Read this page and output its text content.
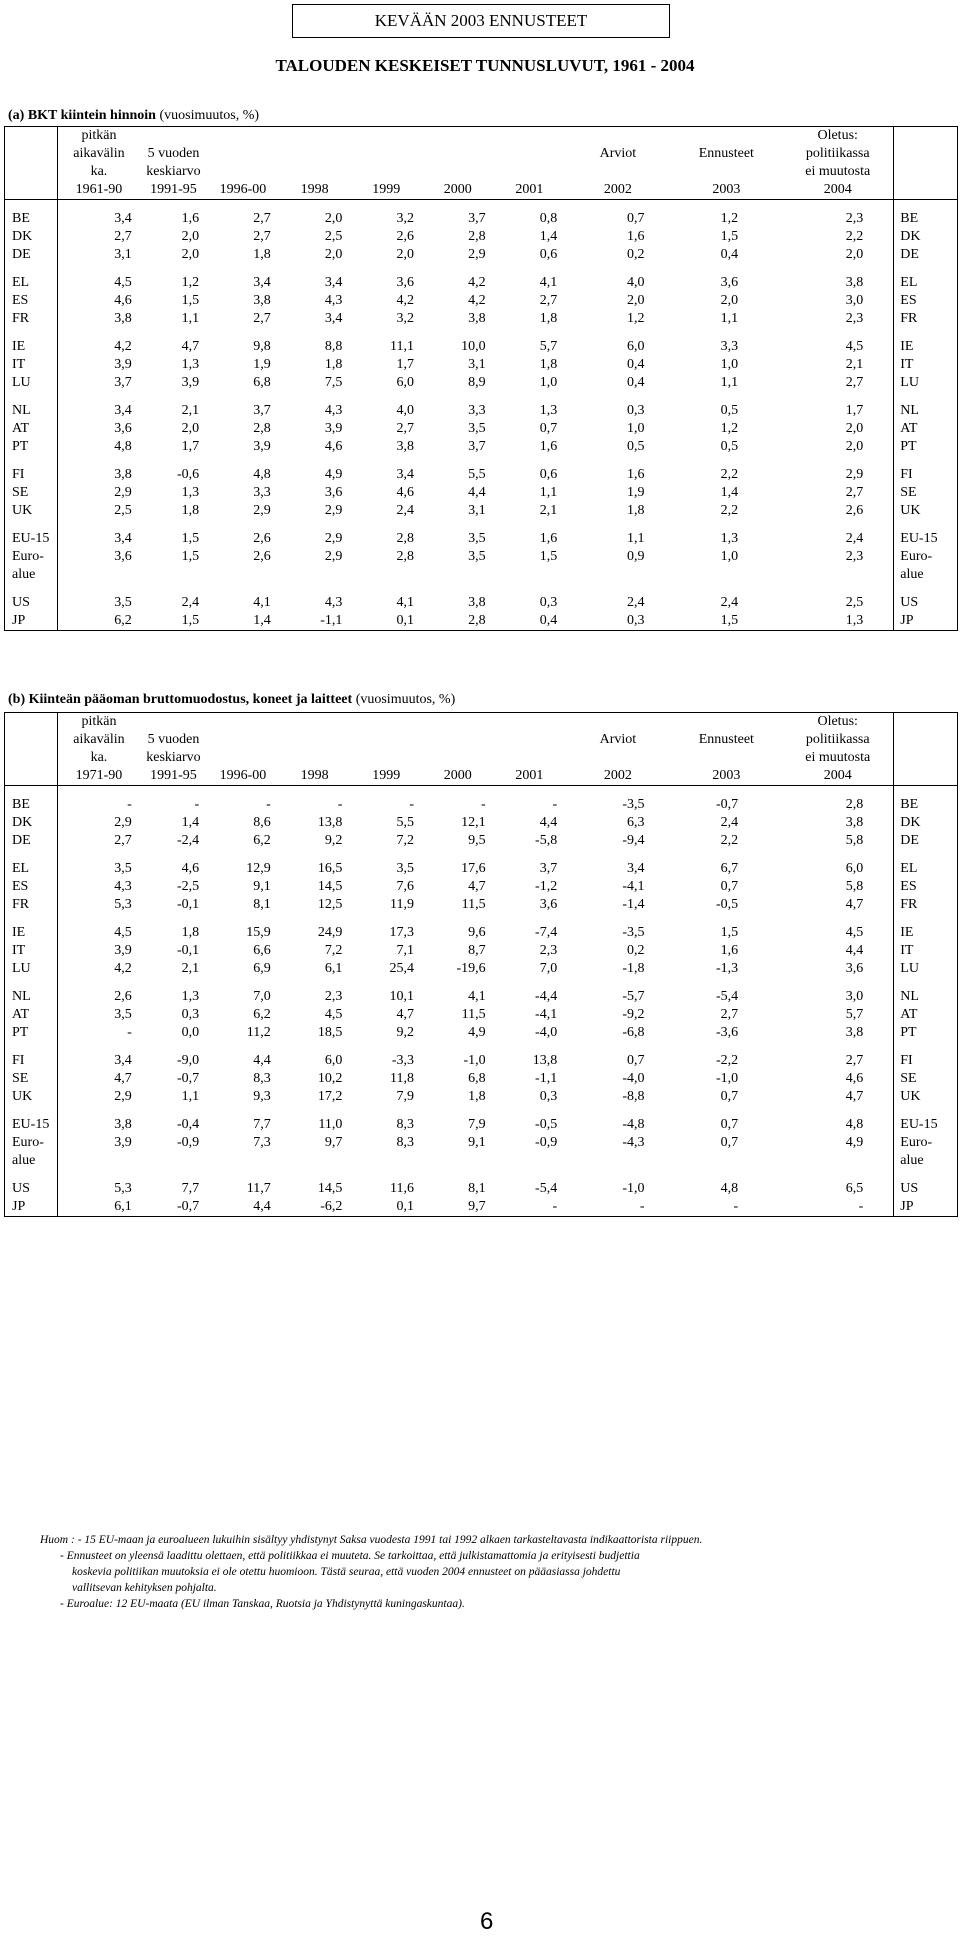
KEVÄÄN 2003 ENNUSTEET
TALOUDEN KESKEISET TUNNUSLUVUT, 1961 - 2004
(a) BKT kiintein hinnoin (vuosimuutos, %)
	pitkän									Oletus:	
	aikavälin	5 vuoden						Arviot	Ennusteet	politiikassa	
	ka.	keskiarvo								ei muutosta	
	1961-90	1991-95	1996-00	1998	1999	2000	2001	2002	2003	2004	

BE	3,4	1,6	2,7	2,0	3,2	3,7	0,8	0,7	1,2	2,3	BE
DK	2,7	2,0	2,7	2,5	2,6	2,8	1,4	1,6	1,5	2,2	DK
DE	3,1	2,0	1,8	2,0	2,0	2,9	0,6	0,2	0,4	2,0	DE

EL	4,5	1,2	3,4	3,4	3,6	4,2	4,1	4,0	3,6	3,8	EL
ES	4,6	1,5	3,8	4,3	4,2	4,2	2,7	2,0	2,0	3,0	ES
FR	3,8	1,1	2,7	3,4	3,2	3,8	1,8	1,2	1,1	2,3	FR

IE	4,2	4,7	9,8	8,8	11,1	10,0	5,7	6,0	3,3	4,5	IE
IT	3,9	1,3	1,9	1,8	1,7	3,1	1,8	0,4	1,0	2,1	IT
LU	3,7	3,9	6,8	7,5	6,0	8,9	1,0	0,4	1,1	2,7	LU

NL	3,4	2,1	3,7	4,3	4,0	3,3	1,3	0,3	0,5	1,7	NL
AT	3,6	2,0	2,8	3,9	2,7	3,5	0,7	1,0	1,2	2,0	AT
PT	4,8	1,7	3,9	4,6	3,8	3,7	1,6	0,5	0,5	2,0	PT

FI	3,8	-0,6	4,8	4,9	3,4	5,5	0,6	1,6	2,2	2,9	FI
SE	2,9	1,3	3,3	3,6	4,6	4,4	1,1	1,9	1,4	2,7	SE
UK	2,5	1,8	2,9	2,9	2,4	3,1	2,1	1,8	2,2	2,6	UK

EU-15	3,4	1,5	2,6	2,9	2,8	3,5	1,6	1,1	1,3	2,4	EU-15
Euro-	3,6	1,5	2,6	2,9	2,8	3,5	1,5	0,9	1,0	2,3	Euro-
alue											alue

US	3,5	2,4	4,1	4,3	4,1	3,8	0,3	2,4	2,4	2,5	US
JP	6,2	1,5	1,4	-1,1	0,1	2,8	0,4	0,3	1,5	1,3	JP
(b) Kiinteän pääoman bruttomuodostus, koneet ja laitteet (vuosimuutos, %)
	pitkän									Oletus:	
	aikavälin	5 vuoden						Arviot	Ennusteet	politiikassa	
	ka.	keskiarvo								ei muutosta	
	1971-90	1991-95	1996-00	1998	1999	2000	2001	2002	2003	2004	

BE	-	-	-	-	-	-	-	-3,5	-0,7	2,8	BE
DK	2,9	1,4	8,6	13,8	5,5	12,1	4,4	6,3	2,4	3,8	DK
DE	2,7	-2,4	6,2	9,2	7,2	9,5	-5,8	-9,4	2,2	5,8	DE

EL	3,5	4,6	12,9	16,5	3,5	17,6	3,7	3,4	6,7	6,0	EL
ES	4,3	-2,5	9,1	14,5	7,6	4,7	-1,2	-4,1	0,7	5,8	ES
FR	5,3	-0,1	8,1	12,5	11,9	11,5	3,6	-1,4	-0,5	4,7	FR

IE	4,5	1,8	15,9	24,9	17,3	9,6	-7,4	-3,5	1,5	4,5	IE
IT	3,9	-0,1	6,6	7,2	7,1	8,7	2,3	0,2	1,6	4,4	IT
LU	4,2	2,1	6,9	6,1	25,4	-19,6	7,0	-1,8	-1,3	3,6	LU

NL	2,6	1,3	7,0	2,3	10,1	4,1	-4,4	-5,7	-5,4	3,0	NL
AT	3,5	0,3	6,2	4,5	4,7	11,5	-4,1	-9,2	2,7	5,7	AT
PT	-	0,0	11,2	18,5	9,2	4,9	-4,0	-6,8	-3,6	3,8	PT

FI	3,4	-9,0	4,4	6,0	-3,3	-1,0	13,8	0,7	-2,2	2,7	FI
SE	4,7	-0,7	8,3	10,2	11,8	6,8	-1,1	-4,0	-1,0	4,6	SE
UK	2,9	1,1	9,3	17,2	7,9	1,8	0,3	-8,8	0,7	4,7	UK

EU-15	3,8	-0,4	7,7	11,0	8,3	7,9	-0,5	-4,8	0,7	4,8	EU-15
Euro-	3,9	-0,9	7,3	9,7	8,3	9,1	-0,9	-4,3	0,7	4,9	Euro-
alue											alue

US	5,3	7,7	11,7	14,5	11,6	8,1	-5,4	-1,0	4,8	6,5	US
JP	6,1	-0,7	4,4	-6,2	0,1	9,7	-	-	-	-	JP
Huom : - 15 EU-maan ja euroalueen lukuihin sisältyy yhdistynyt Saksa vuodesta 1991 tai 1992 alkaen tarkasteltavasta indikaattorista riippuen.
- Ennusteet on yleensä laadittu olettaen, että politiikkaa ei muuteta. Se tarkoittaa, että julkistamattomia ja erityisesti budjettia
koskevia politiikan muutoksia ei ole otettu huomioon. Tästä seuraa, että vuoden 2004 ennusteet on pääasiassa johdettu
vallitsevan kehityksen pohjalta.
- Euroalue: 12 EU-maata (EU ilman Tanskaa, Ruotsia ja Yhdistynyttä kuningaskuntaa).
6
